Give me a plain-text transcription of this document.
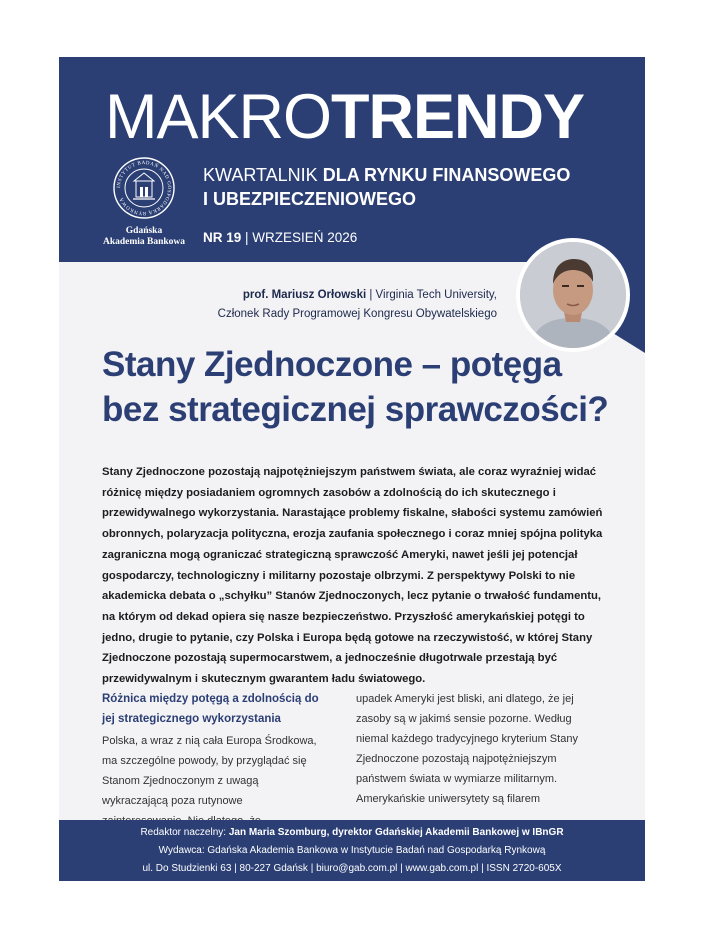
MAKROTRENDY
KWARTALNIK DLA RYNKU FINANSOWEGO
I UBEZPIECZENIOWEGO
NR 19 | WRZESIEŃ 2026
INSTYTUT BADAŃ NAD GOSPODARKĄ RYNKOWĄ
Gdańska
Akademia Bankowa
prof. Mariusz Orłowski | Virginia Tech University,
Członek Rady Programowej Kongresu Obywatelskiego
Stany Zjednoczone – potęga bez strategicznej sprawczości?

Stany Zjednoczone pozostają najpotężniejszym państwem świata, ale coraz wyraźniej widać różnicę między posiadaniem ogromnych zasobów a zdolnością do ich skutecznego i przewidywalnego wykorzystania. Narastające problemy fiskalne, słabości systemu zamówień obronnych, polaryzacja polityczna, erozja zaufania społecznego i coraz mniej spójna polityka zagraniczna mogą ograniczać strategiczną sprawczość Ameryki, nawet jeśli jej potencjał gospodarczy, technologiczny i militarny pozostaje olbrzymi. Z perspektywy Polski to nie akademicka debata o „schyłku” Stanów Zjednoczonych, lecz pytanie o trwałość fundamentu, na którym od dekad opiera się nasze bezpieczeństwo. Przyszłość amerykańskiej potęgi to jedno, drugie to pytanie, czy Polska i Europa będą gotowe na rzeczywistość, w której Stany Zjednoczone pozostają supermocarstwem, a jednocześnie długotrwale przestają być przewidywalnym i skutecznym gwarantem ładu światowego.

Różnica między potęgą a zdolnością do jej strategicznego wykorzystania

Polska, a wraz z nią cała Europa Środkowa, ma szczególne powody, by przyglądać się Stanom Zjednoczonym z uwagą wykraczającą poza rutynowe

upadek Ameryki jest bliski, ani dlatego, że jej zasoby są w jakimś sensie pozorne. Według niemal każdego tradycyjnego kryterium Stany Zjednoczone pozostają najpotężniejszym państwem świata w wymiarze militarnym. Amerykańskie uniwersytety są filarem

Redaktor naczelny: Jan Maria Szomburg, dyrektor Gdańskiej Akademii Bankowej w IBnGR
Wydawca: Gdańska Akademia Bankowa w Instytucie Badań nad Gospodarką Rynkową
ul. Do Studzienki 63 | 80-227 Gdańsk | biuro@gab.com.pl | www.gab.com.pl | ISSN 2720-605X
